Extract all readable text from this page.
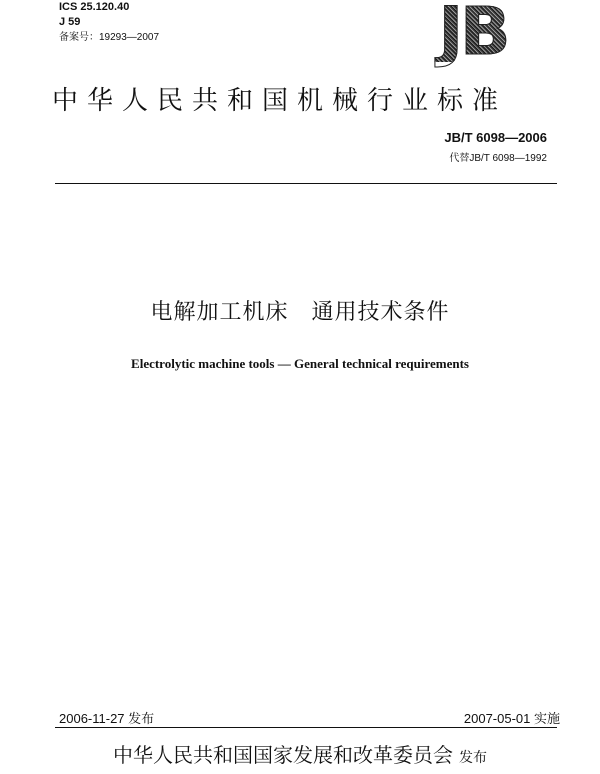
ICS 25.120.40
J 59
备案号：19293—2007	JB
中华人民共和国机械行业标准
JB/T 6098—2006
代替JB/T 6098—1992
电解加工机床　通用技术条件
Electrolytic machine tools — General technical requirements
2006-11-27 发布	2007-05-01 实施
中华人民共和国国家发展和改革委员会 发布
